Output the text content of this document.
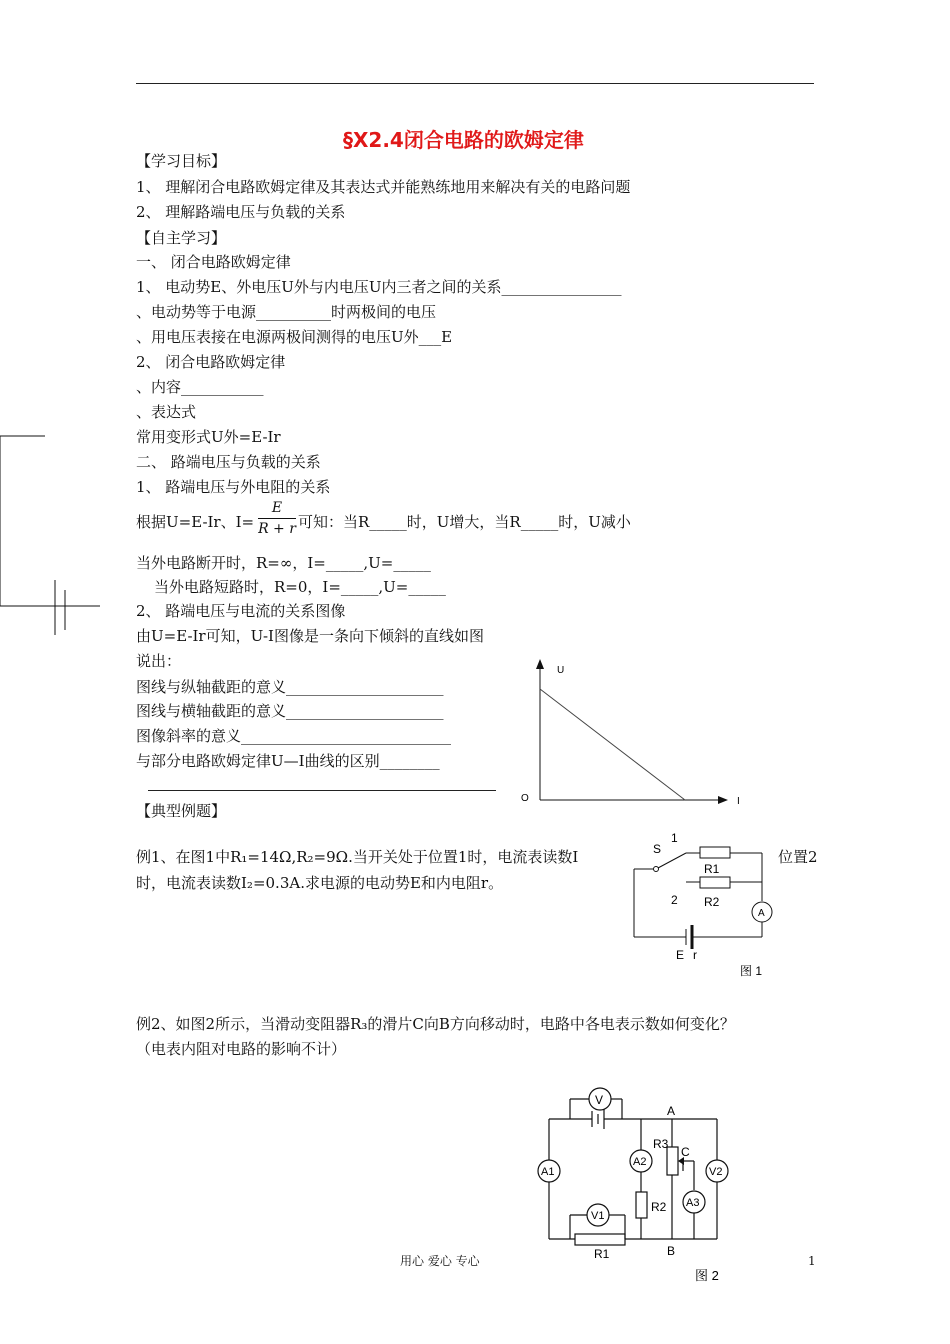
§X2.4闭合电路的欧姆定律
【学习目标】
1、 理解闭合电路欧姆定律及其表达式并能熟练地用来解决有关的电路问题
2、 理解路端电压与负载的关系
【自主学习】
一、 闭合电路欧姆定律
1、 电动势E、外电压U外与内电压U内三者之间的关系________________
、电动势等于电源__________时两极间的电压
、用电压表接在电源两极间测得的电压U外___E
2、 闭合电路欧姆定律
、内容___________
、表达式
常用变形式U外=E-Ir
二、 路端电压与负载的关系
1、 路端电压与外电阻的关系
根据U=E-Ir、I=
E
R + r 可知：当R_____时，U增大，当R_____时，U减小
当外电路断开时，R=∞，I=_____,U=_____
当外电路短路时，R=0，I=_____,U=_____
2、 路端电压与电流的关系图像
由U=E-Ir可知，U-I图像是一条向下倾斜的直线如图
说出：
图线与纵轴截距的意义_____________________
图线与横轴截距的意义_____________________
图像斜率的意义____________________________
与部分电路欧姆定律U—I曲线的区别________
【典型例题】
U
I
O
例1、在图1中R₁=14Ω,R₂=9Ω.当开关处于位置1时，电流表读数I	位置2
时，电流表读数I₂=0.3A.求电源的电动势E和内电阻r。
S
1
2
R1
R2
A
E r
图 1
例2、如图2所示，当滑动变阻器R₃的滑片C向B方向移动时，电路中各电表示数如何变化？
（电表内阻对电路的影响不计）
V
A1
A2
A3
V2
V1
R1
R2
R3
C
A
B
图 2
用心 爱心 专心	1
